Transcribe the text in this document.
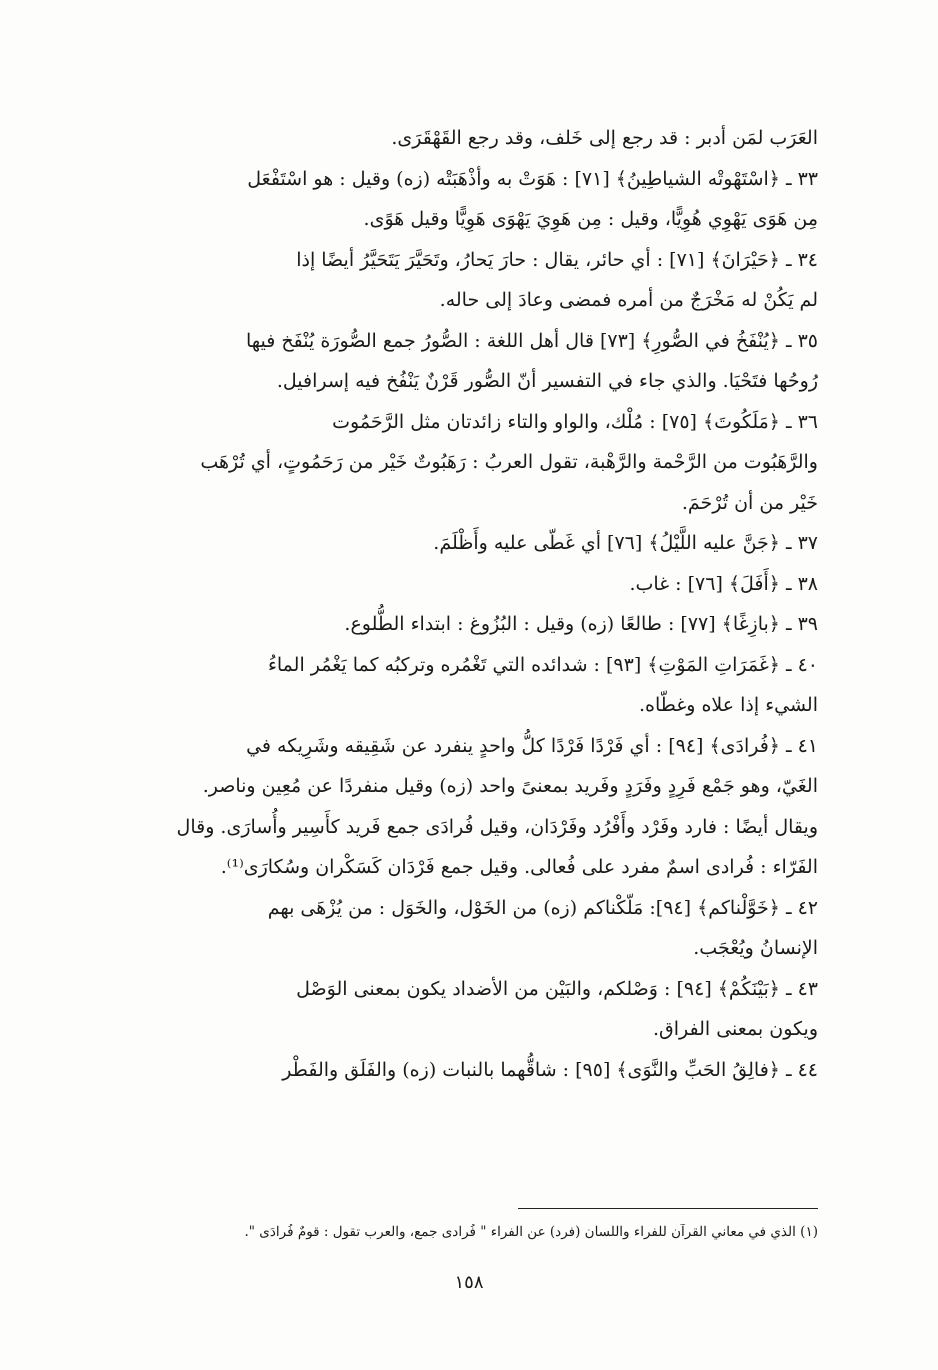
العَرَب لمَن أدبر : قد رجع إلى خَلف، وقد رجع القَهْقَرَى.

٣٣ ـ ﴿اسْتَهْوتْه الشياطِينُ﴾ [٧١] : هَوَتْ به وأذْهَبَتْه (زه) وقيل : هو اسْتَفْعَل
مِن هَوَى يَهْوِي هُوِيًّا، وقيل : مِن هَوِيَ يَهْوَى هَوِيًّا وقيل هَوًى.

٣٤ ـ ﴿حَيْرَانَ﴾ [٧١] : أي حائر، يقال : حارَ يَحارُ، وتَحَيَّرَ يَتَحَيَّرُ أيضًا إذا
لم يَكُنْ له مَخْرَجٌ من أمره فمضى وعادَ إلى حاله.

٣٥ ـ ﴿يُنْفَخُ في الصُّورِ﴾ [٧٣] قال أهل اللغة : الصُّورُ جمع الصُّورَة يُنْفَخ فيها
رُوحُها فتَحْيَا. والذي جاء في التفسير أنّ الصُّور قَرْنٌ يَنْفُخ فيه إسرافيل.

٣٦ ـ ﴿مَلَكُوتَ﴾ [٧٥] : مُلْك، والواو والتاء زائدتان مثل الرَّحَمُوت
والرَّهَبُوت من الرَّحْمة والرَّهْبة، تقول العربُ : رَهَبُوتٌ خَيْر من رَحَمُوتٍ، أي تُرْهَب
خَيْر من أن تُرْحَمَ.

٣٧ ـ ﴿جَنَّ عليه اللَّيْلُ﴾ [٧٦] أي غَطّى عليه وأَظْلَمَ.

٣٨ ـ ﴿أَفَلَ﴾ [٧٦] : غاب.

٣٩ ـ ﴿بازِغًا﴾ [٧٧] : طالعًا (زه) وقيل : البُزُوغ : ابتداء الطُّلوع.

٤٠ ـ ﴿غَمَرَاتِ المَوْتِ﴾ [٩٣] : شدائده التي تَغْمُره وتركبُه كما يَغْمُر الماءُ
الشيء إذا علاه وغطّاه.

٤١ ـ ﴿فُرادَى﴾ [٩٤] : أي فَرْدًا فَرْدًا كلُّ واحدٍ ينفرد عن شَقِيقه وشَرِيكه في
الغَيّ، وهو جَمْع فَرِدٍ وفَرَدٍ وفَريد بمعنىً واحد (زه) وقيل منفردًا عن مُعِين وناصر.
ويقال أيضًا : فارد وفَرْد وأَفْرُد وفَرْدَان، وقيل فُرادَى جمع فَريد كأَسِير وأُسارَى. وقال
الفَرّاء : فُرادى اسمٌ مفرد على فُعالى. وقيل جمع فَرْدَان كَسَكْران وسُكارَى⁽¹⁾.

٤٢ ـ ﴿خَوَّلْناكم﴾ [٩٤]: مَلّكْناكم (زه) من الخَوْل، والخَوَل : من يُزْهَى بهم
الإنسانُ ويُعْجَب.

٤٣ ـ ﴿بَيْنَكُمْ﴾ [٩٤] : وَصْلكم، والبَيْن من الأضداد يكون بمعنى الوَصْل
ويكون بمعنى الفراق.

٤٤ ـ ﴿فالِقُ الحَبِّ والنَّوَى﴾ [٩٥] : شاقُّهما بالنبات (زه) والفَلَق والفَطْر

(١) الذي في معاني القرآن للفراء واللسان (فرد) عن الفراء " فُرادى جمع، والعرب تقول : قومٌ فُرادَى ".
١٥٨
